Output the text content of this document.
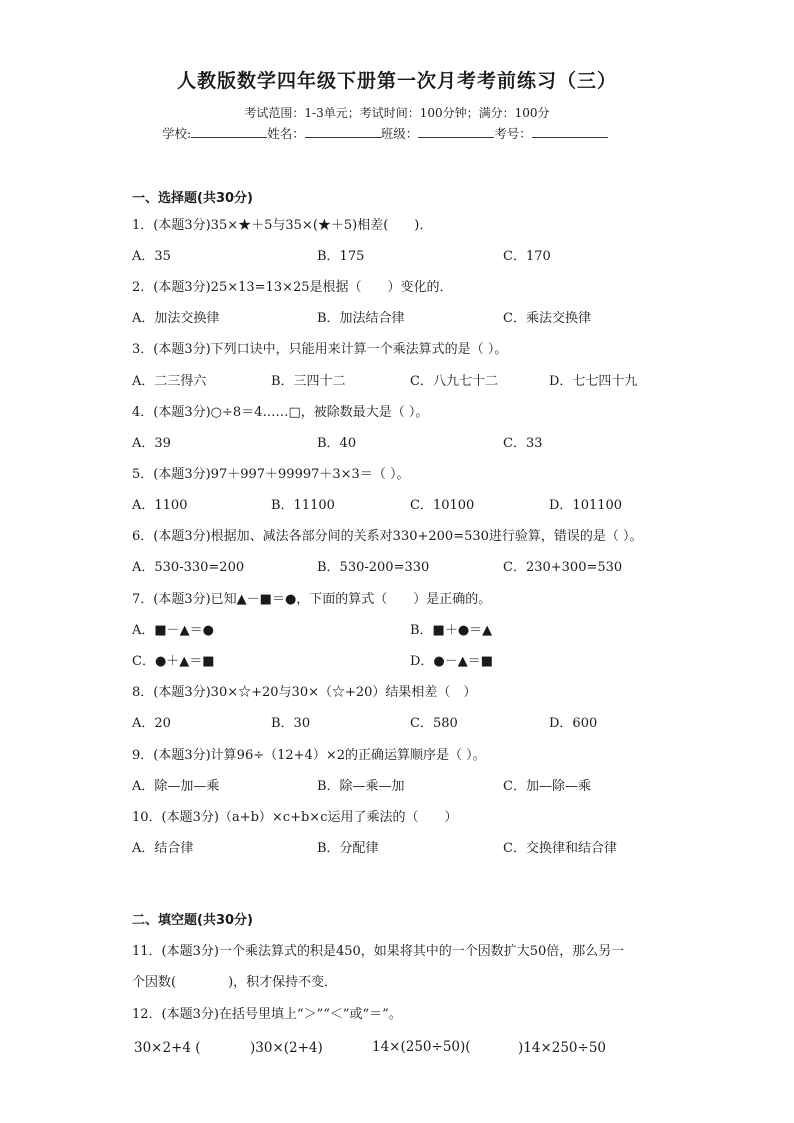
人教版数学四年级下册第一次月考考前练习（三）
考试范围：1-3单元；考试时间：100分钟；满分：100分
学校:	姓名：	班级：	考号：
一、选择题(共30分)
1．(本题3分)35×★＋5与35×(★＋5)相差(　　)．
A．35	B．175	C．170
2．(本题3分)25×13=13×25是根据（　　）变化的．
A．加法交换律	B．加法结合律	C．乘法交换律
3．(本题3分)下列口诀中，只能用来计算一个乘法算式的是（ ）。
A．二三得六	B．三四十二	C．八九七十二	D．七七四十九
4．(本题3分)○÷8＝4……□，被除数最大是（ ）。
A．39	B．40	C．33
5．(本题3分)97＋997＋99997＋3×3＝（ ）。
A．1100	B．11100	C．10100	D．101100
6．(本题3分)根据加、减法各部分间的关系对330+200=530进行验算，错误的是（ ）。
A．530-330=200	B．530-200=330	C．230+300=530
7．(本题3分)已知▲－■＝●，下面的算式（　　）是正确的。
A．■－▲＝●	B．■＋●＝▲
C．●＋▲＝■	D．●－▲＝■
8．(本题3分)30×☆+20与30×（☆+20）结果相差（　）
A．20	B．30	C．580	D．600
9．(本题3分)计算96÷（12+4）×2的正确运算顺序是（ ）。
A．除—加—乘	B．除—乘—加	C．加—除—乘
10．(本题3分)（a+b）×c+b×c运用了乘法的（　　）
A．结合律	B．分配律	C．交换律和结合律
二、填空题(共30分)
11．(本题3分)一个乘法算式的积是450，如果将其中的一个因数扩大50倍，那么另一
个因数(　　　　)，积才保持不变．
12．(本题3分)在括号里填上“＞”“＜”或“＝”。
30×2+4 (	)30×(2+4)	14×(250÷50)(	)14×250÷50
